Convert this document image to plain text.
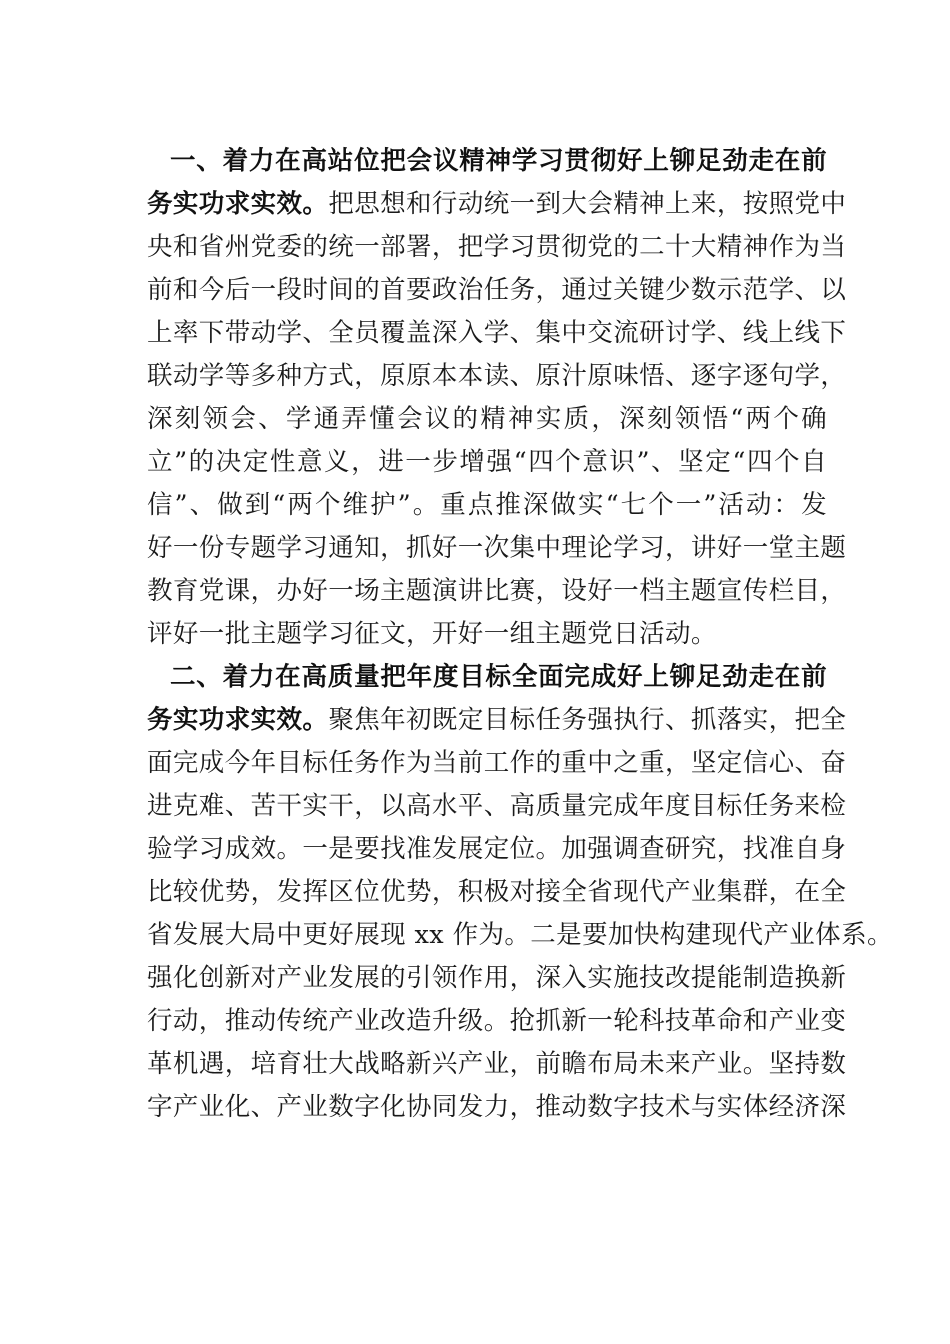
一、着力在高站位把会议精神学习贯彻好上铆足劲走在前
务实功求实效。把思想和行动统一到大会精神上来，按照党中
央和省州党委的统一部署，把学习贯彻党的二十大精神作为当
前和今后一段时间的首要政治任务，通过关键少数示范学、以
上率下带动学、全员覆盖深入学、集中交流研讨学、线上线下
联动学等多种方式，原原本本读、原汁原味悟、逐字逐句学，
深刻领会、学通弄懂会议的精神实质，深刻领悟“两个确
立”的决定性意义，进一步增强“四个意识”、坚定“四个自
信”、做到“两个维护”。重点推深做实“七个一”活动：发
好一份专题学习通知，抓好一次集中理论学习，讲好一堂主题
教育党课，办好一场主题演讲比赛，设好一档主题宣传栏目，
评好一批主题学习征文，开好一组主题党日活动。
二、着力在高质量把年度目标全面完成好上铆足劲走在前
务实功求实效。聚焦年初既定目标任务强执行、抓落实，把全
面完成今年目标任务作为当前工作的重中之重，坚定信心、奋
进克难、苦干实干，以高水平、高质量完成年度目标任务来检
验学习成效。一是要找准发展定位。加强调查研究，找准自身
比较优势，发挥区位优势，积极对接全省现代产业集群，在全
省发展大局中更好展现 xx 作为。二是要加快构建现代产业体系。
强化创新对产业发展的引领作用，深入实施技改提能制造换新
行动，推动传统产业改造升级。抢抓新一轮科技革命和产业变
革机遇，培育壮大战略新兴产业，前瞻布局未来产业。坚持数
字产业化、产业数字化协同发力，推动数字技术与实体经济深
